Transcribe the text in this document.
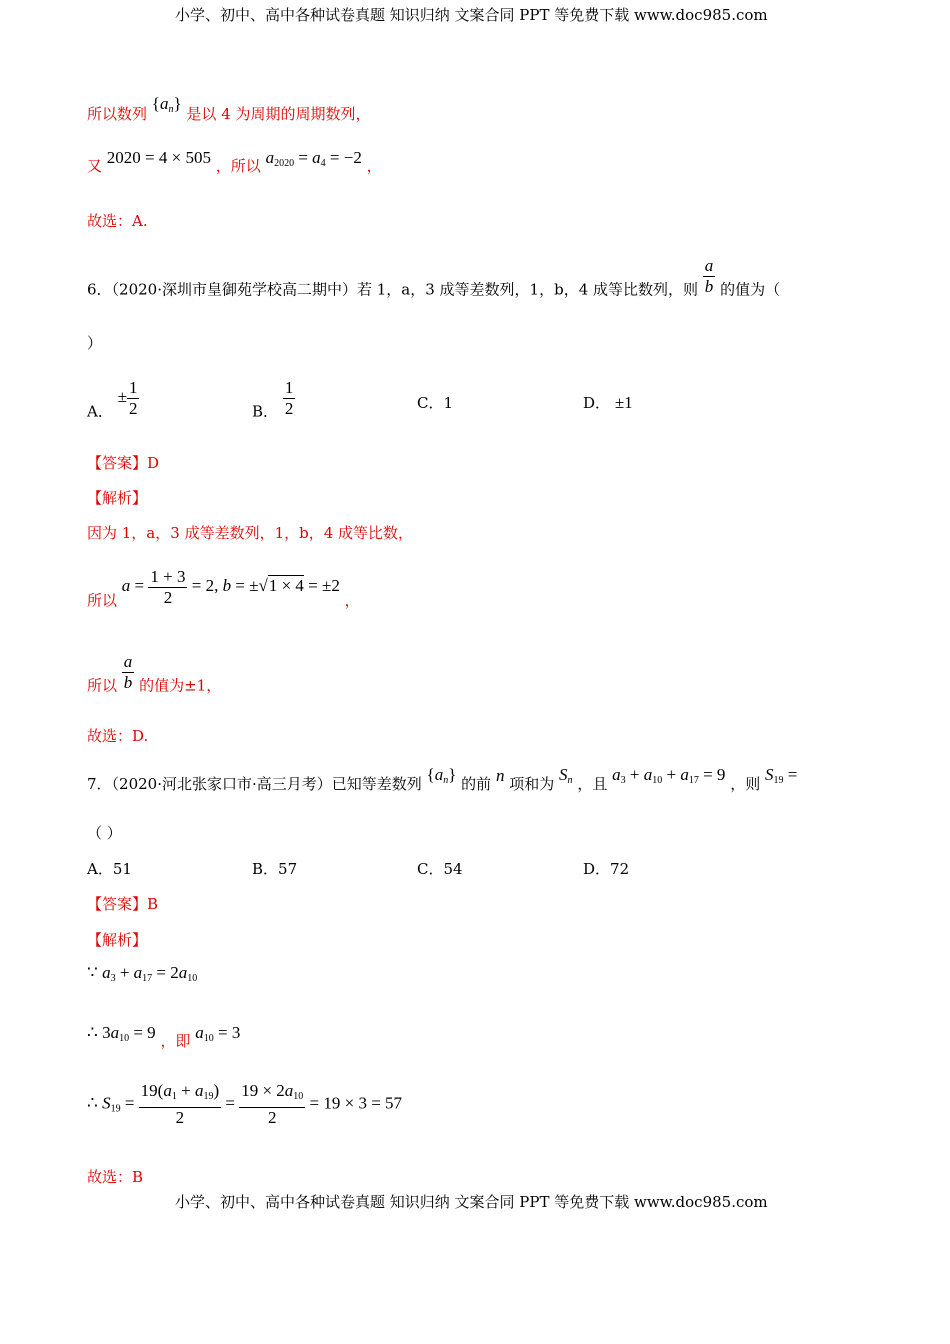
小学、初中、高中各种试卷真题 知识归纳 文案合同 PPT 等免费下载 www.doc985.com
所以数列 $\{a_n\}$ 是以 4 为周期的周期数列，
又 2020 = 4 × 505 ，所以 $a_{2020} = a_4 = -2$ ，
故选：A.
6．（2020·深圳市皇御苑学校高二期中）若 1，a，3 成等差数列，1，b，4 成等比数列，则 $\frac{a}{b}$ 的值为（
）
A． ± $\frac{1}{2}$	B． $\frac{1}{2}$	C．1	D． ±1
【答案】D
【解析】
因为 1，a，3 成等差数列，1，b，4 成等比数，
所以 $a = \frac{1 + 3}{2} = 2$, b = ±√1 × 4 = ±2 ，
所以 $\frac{a}{b}$ 的值为±1，
故选：D.
7．（2020·河北张家口市·高三月考）已知等差数列 $\{a_n\}$ 的前 n 项和为 $S_n$ ，且 $a_3 + a_{10} + a_{17} = 9$ ，则 $S_{19}$ =
（ ）
A．51	B．57	C．54	D．72
【答案】B
【解析】
∵ $a_3 + a_{17} = 2a_{10}$
∴ $3a_{10} = 9$ ，即 $a_{10} = 3$
∴ $S_{19} = \frac{19(a_1 + a_{19})}{2} = \frac{19 \times 2a_{10}}{2} = 19 \times 3 = 57$
故选：B
小学、初中、高中各种试卷真题 知识归纳 文案合同 PPT 等免费下载 www.doc985.com
